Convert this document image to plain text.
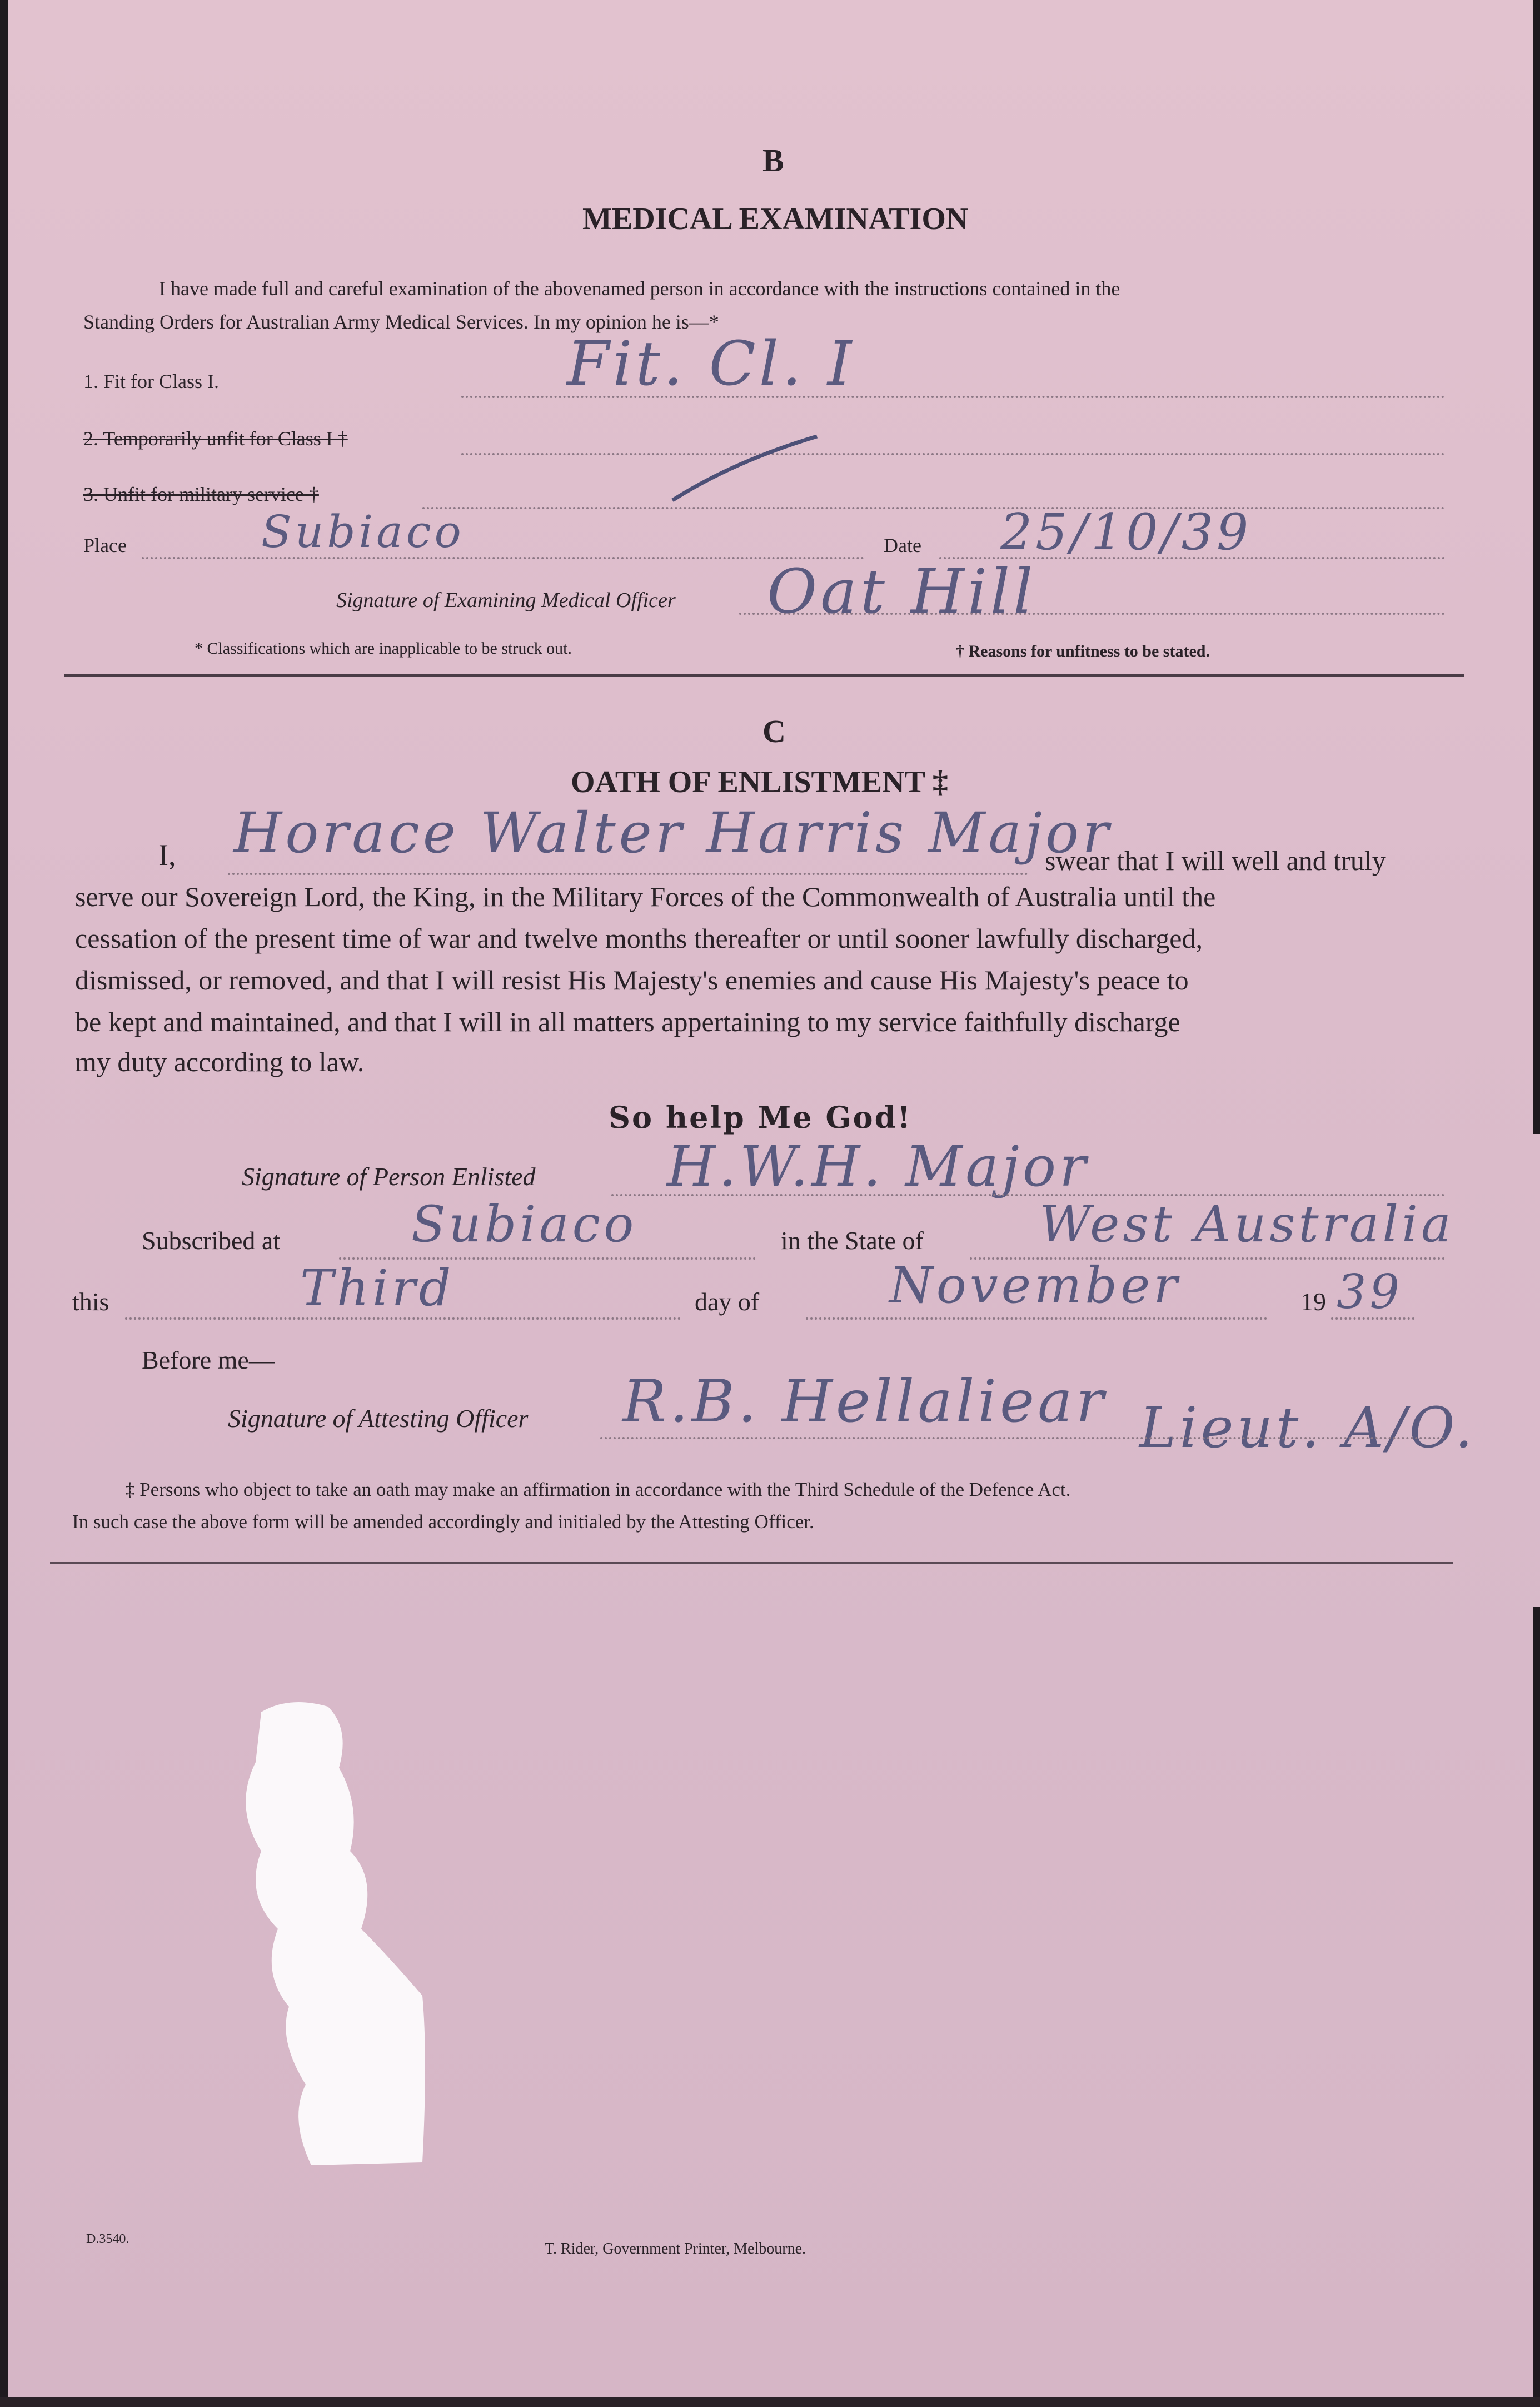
B
MEDICAL EXAMINATION
I have made full and careful examination of the abovenamed person in accordance with the instructions contained in the
Standing Orders for Australian Army Medical Services. In my opinion he is—*
1. Fit for Class I.	Fit. Cl. I
2. Temporarily unfit for Class I †
3. Unfit for military service †
Place	Subiaco	Date 25/10/39
Signature of Examining Medical Officer Oat Hill
* Classifications which are inapplicable to be struck out.	† Reasons for unfitness to be stated.
C
OATH OF ENLISTMENT ‡
I, Horace Walter Harris Major
swear that I will well and truly
serve our Sovereign Lord, the King, in the Military Forces of the Commonwealth of Australia until the
cessation of the present time of war and twelve months thereafter or until sooner lawfully discharged,
dismissed, or removed, and that I will resist His Majesty's enemies and cause His Majesty's peace to
be kept and maintained, and that I will in all matters appertaining to my service faithfully discharge
my duty according to law.
So help Me God!
Signature of Person Enlisted H.W.H. Major
Subscribed at	Subiaco	in the State of West Australia
this	Third	day of	November	19 39
Before me—
Signature of Attesting Officer R.B. Hellaliear Lieut. A/O.
‡ Persons who object to take an oath may make an affirmation in accordance with the Third Schedule of the Defence Act.
In such case the above form will be amended accordingly and initialed by the Attesting Officer.
D.3540.
T. Rider, Government Printer, Melbourne.
